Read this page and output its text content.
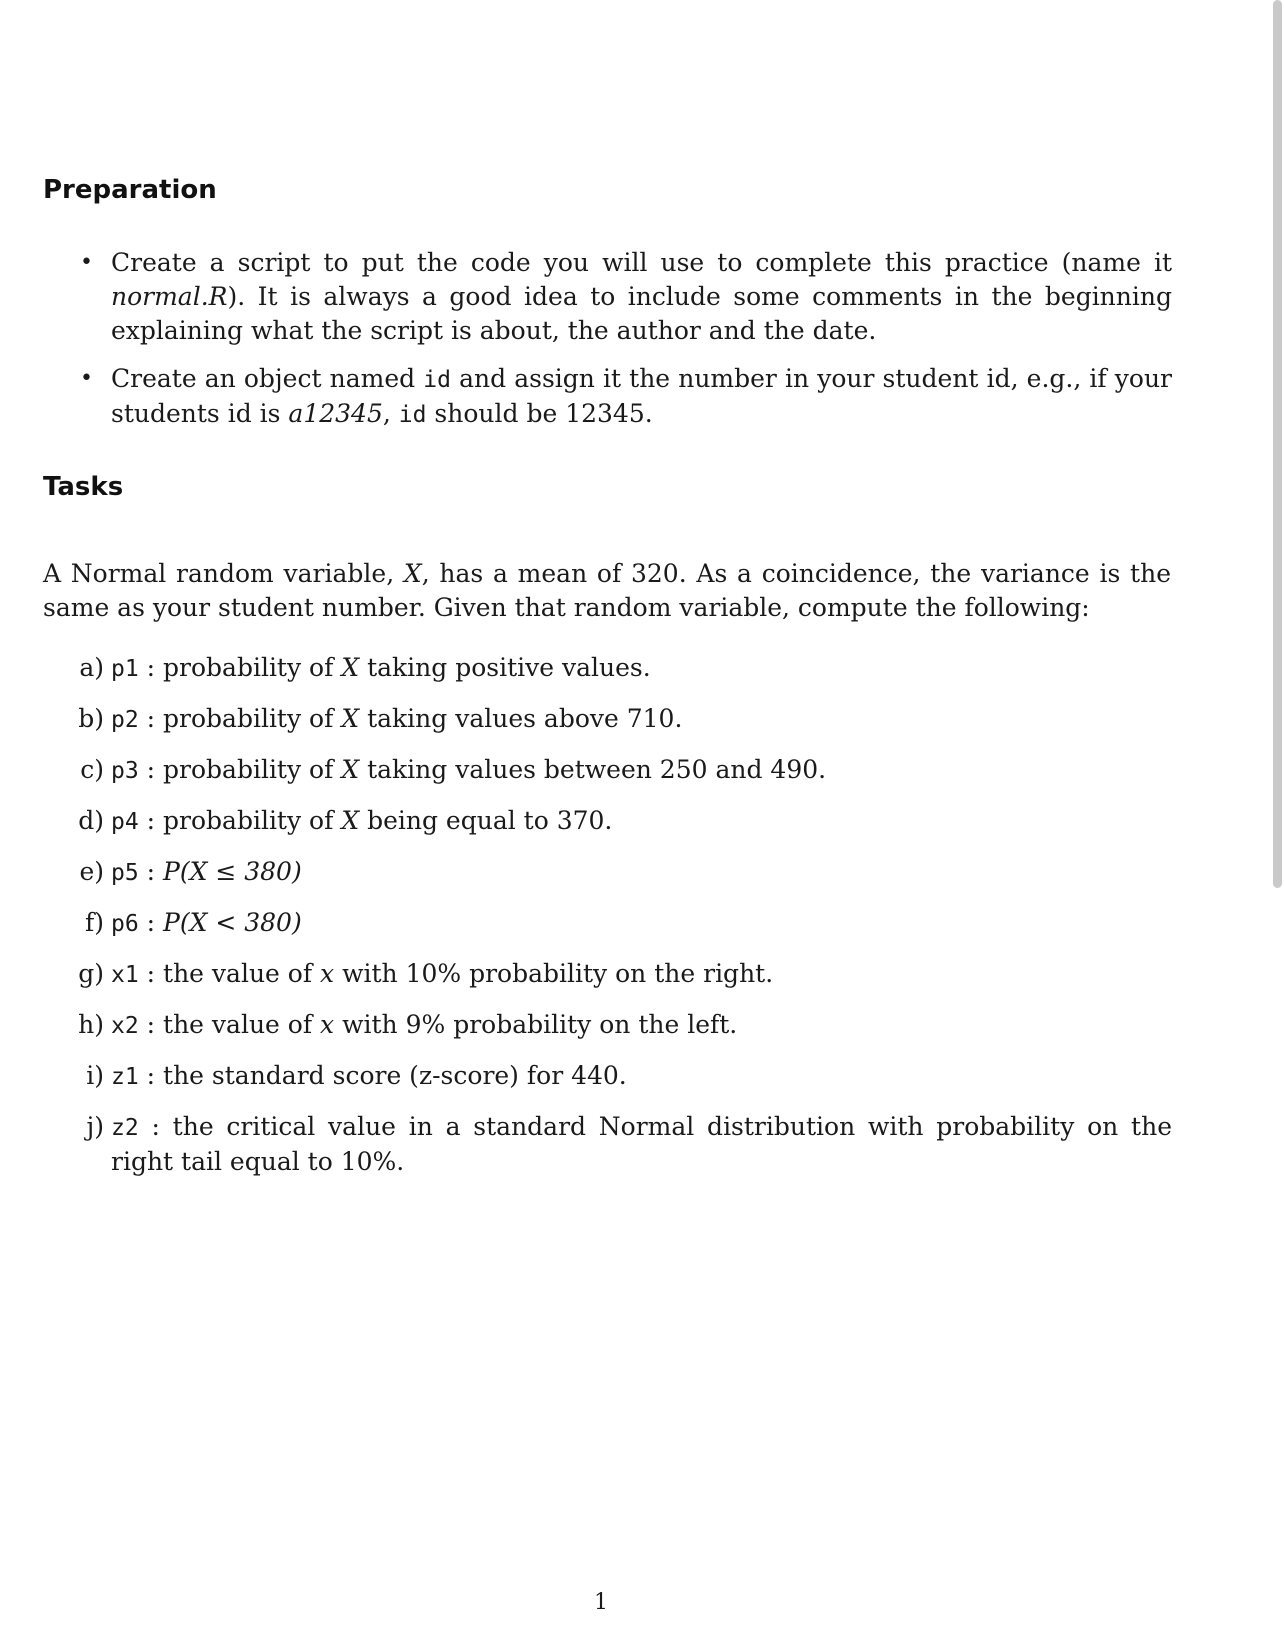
Preparation
• Create a script to put the code you will use to complete this practice (name it normal.R). It is always a good idea to include some comments in the beginning explaining what the script is about, the author and the date.
• Create an object named id and assign it the number in your student id, e.g., if your students id is a12345, id should be 12345.
Tasks

A Normal random variable, X, has a mean of 320. As a coincidence, the variance is the same as your student number. Given that random variable, compute the following:

a) p1 : probability of X taking positive values.
b) p2 : probability of X taking values above 710.
c) p3 : probability of X taking values between 250 and 490.
d) p4 : probability of X being equal to 370.
e) p5 : P(X ≤ 380)
f) p6 : P(X < 380)
g) x1 : the value of x with 10% probability on the right.
h) x2 : the value of x with 9% probability on the left.
i) z1 : the standard score (z-score) for 440.
j) z2 : the critical value in a standard Normal distribution with probability on the right tail equal to 10%.
1
